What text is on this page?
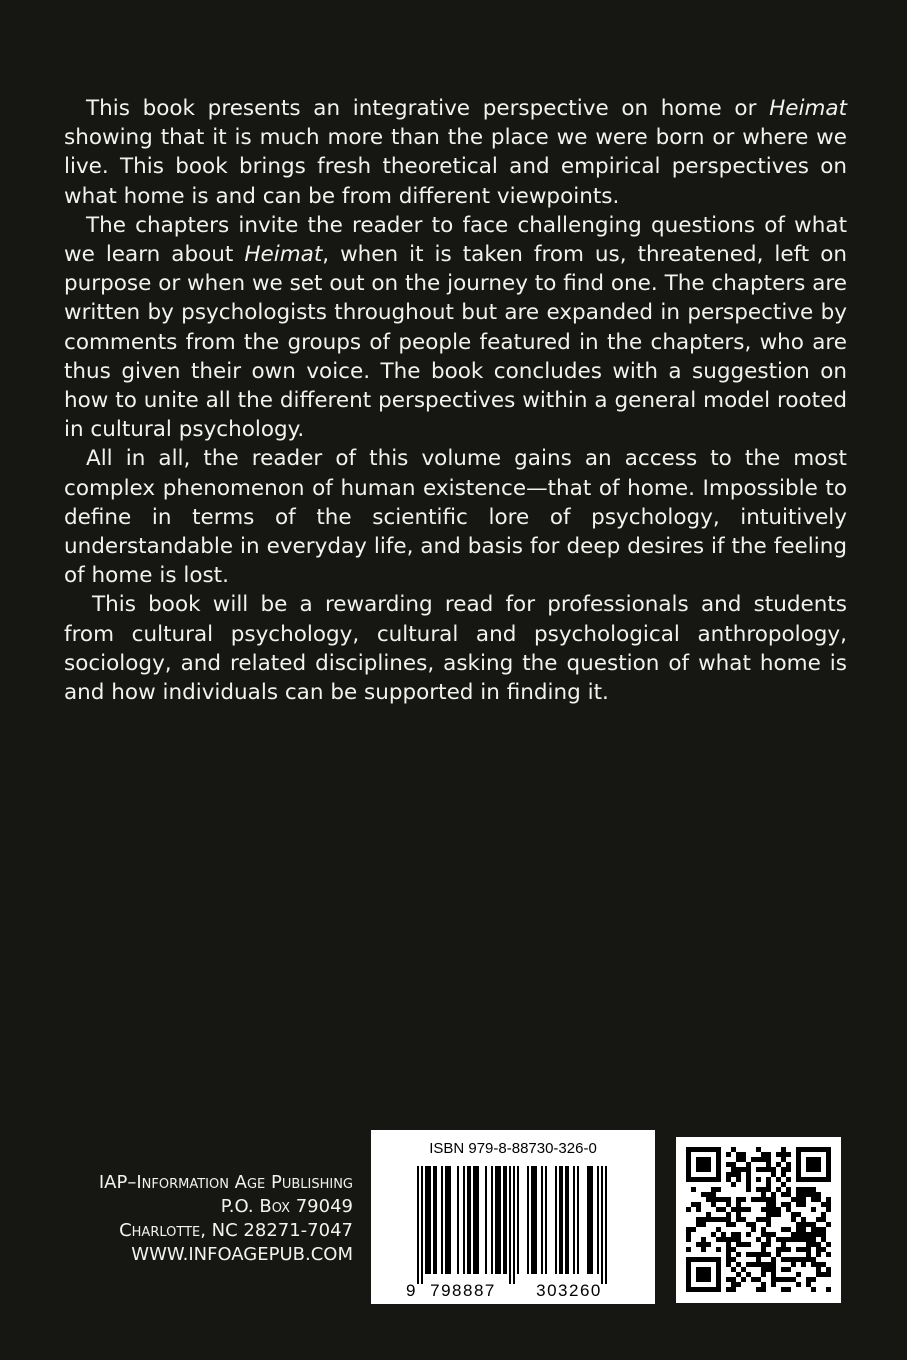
This book presents an integrative perspective on home or Heimat showing that it is much more than the place we were born or where we live. This book brings fresh theoretical and empirical perspectives on what home is and can be from different viewpoints.

The chapters invite the reader to face challenging questions of what we learn about Heimat, when it is taken from us, threatened, left on purpose or when we set out on the journey to find one. The chapters are written by psychologists throughout but are expanded in perspective by comments from the groups of people featured in the chapters, who are thus given their own voice. The book concludes with a suggestion on how to unite all the different perspectives within a general model rooted in cultural psychology.

All in all, the reader of this volume gains an access to the most complex phenomenon of human existence—that of home. Impossible to define in terms of the scientific lore of psychology, intuitively understandable in everyday life, and basis for deep desires if the feeling of home is lost.

This book will be a rewarding read for professionals and students from cultural psychology, cultural and psychological anthropology, sociology, and related disciplines, asking the question of what home is and how individuals can be supported in finding it.

IAP–Information Age Publishing
P.O. Box 79049
Charlotte, NC 28271-7047
WWW.INFOAGEPUB.COM
ISBN 979-8-88730-326-0
9 798887 303260
